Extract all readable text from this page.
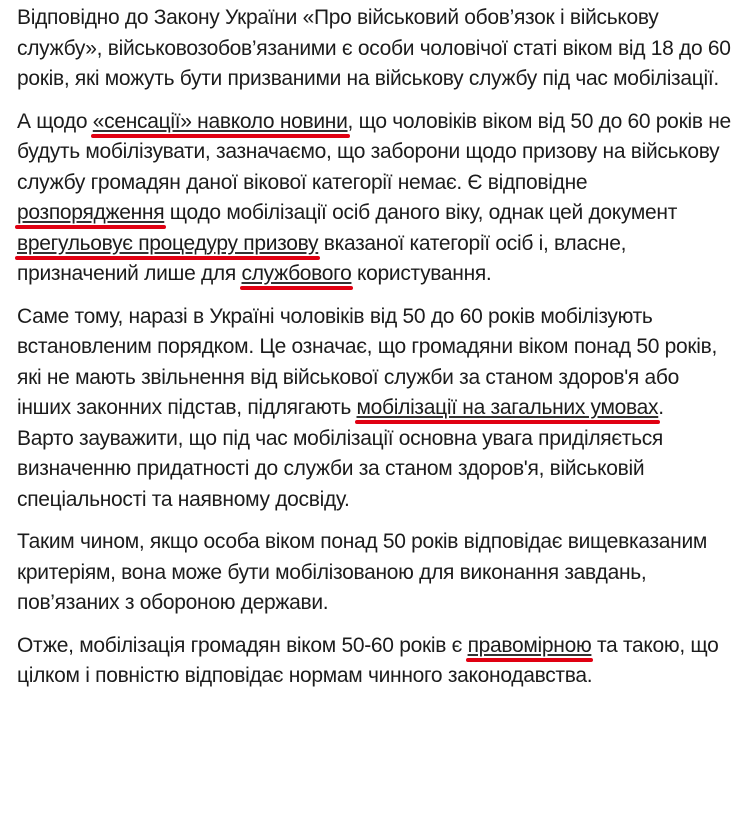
Відповідно до Закону України «Про військовий обов’язок і військову службу», військовозобов’язаними є особи чоловічої статі віком від 18 до 60 років, які можуть бути призваними на військову службу під час мобілізації.

А щодо «сенсації» навколо новини, що чоловіків віком від 50 до 60 років не будуть мобілізувати, зазначаємо, що заборони щодо призову на військову службу громадян даної вікової категорії немає. Є відповідне розпорядження щодо мобілізації осіб даного віку, однак цей документ врегульовує процедуру призову вказаної категорії осіб і, власне, призначений лише для службового користування.

Саме тому, наразі в Україні чоловіків від 50 до 60 років мобілізують встановленим порядком. Це означає, що громадяни віком понад 50 років, які не мають звільнення від військової служби за станом здоров'я або інших законних підстав, підлягають мобілізації на загальних умовах.

Варто зауважити, що під час мобілізації основна увага приділяється визначенню придатності до служби за станом здоров'я, військовій спеціальності та наявному досвіду.

Таким чином, якщо особа віком понад 50 років відповідає вищевказаним критеріям, вона може бути мобілізованою для виконання завдань, пов’язаних з обороною держави.

Отже, мобілізація громадян віком 50-60 років є правомірною та такою, що цілком і повністю відповідає нормам чинного законодавства.
